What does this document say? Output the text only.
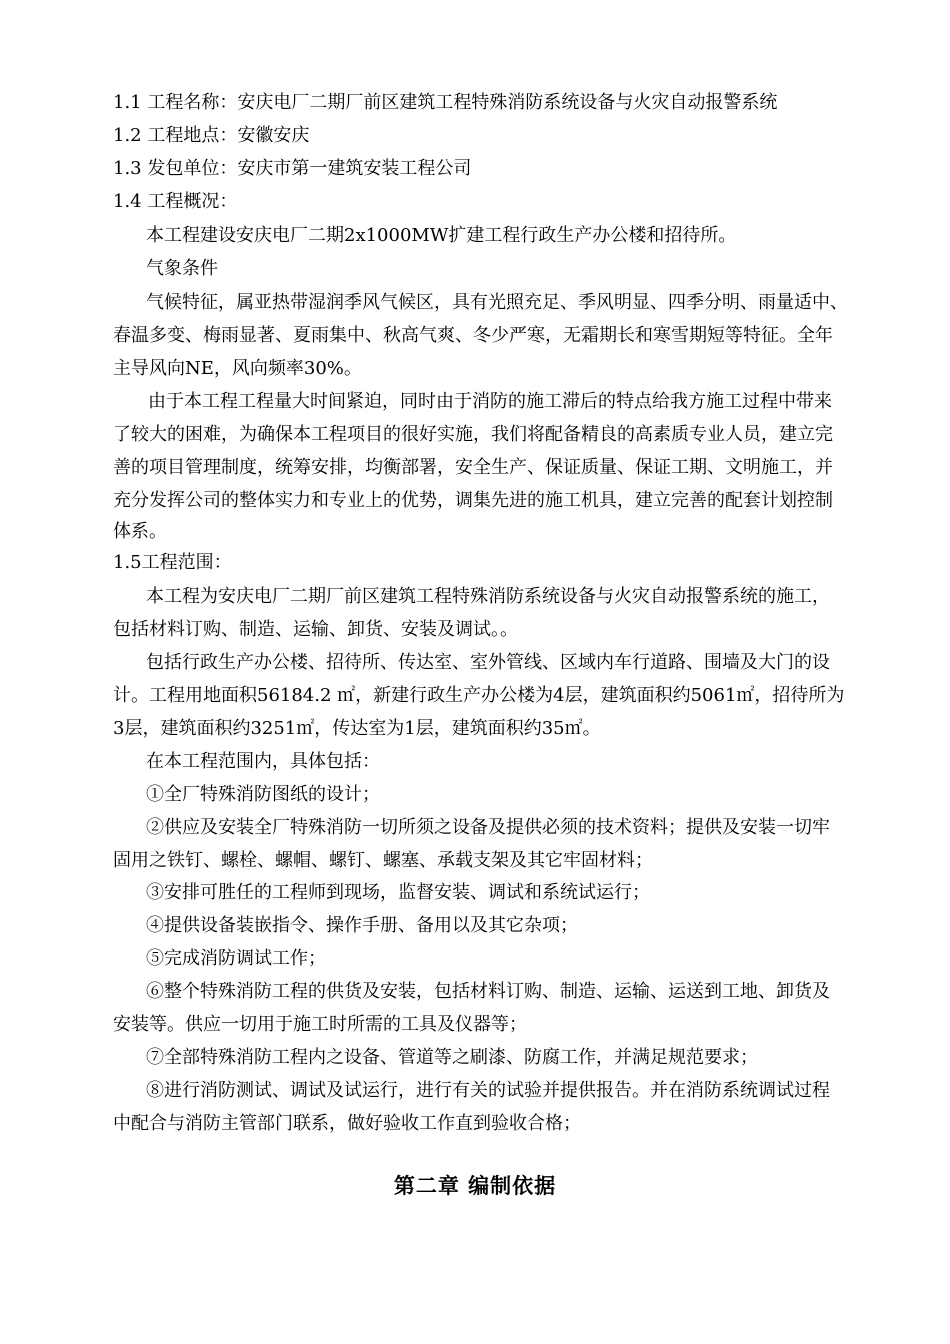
1.1 工程名称：安庆电厂二期厂前区建筑工程特殊消防系统设备与火灾自动报警系统
1.2 工程地点：安徽安庆
1.3 发包单位：安庆市第一建筑安装工程公司
1.4 工程概况：
本工程建设安庆电厂二期2x1000MW扩建工程行政生产办公楼和招待所。
气象条件
气候特征，属亚热带湿润季风气候区，具有光照充足、季风明显、四季分明、雨量适中、
春温多变、梅雨显著、夏雨集中、秋高气爽、冬少严寒，无霜期长和寒雪期短等特征。全年
主导风向NE，风向频率30%。
由于本工程工程量大时间紧迫，同时由于消防的施工滞后的特点给我方施工过程中带来
了较大的困难，为确保本工程项目的很好实施，我们将配备精良的高素质专业人员，建立完
善的项目管理制度，统筹安排，均衡部署，安全生产、保证质量、保证工期、文明施工，并
充分发挥公司的整体实力和专业上的优势，调集先进的施工机具，建立完善的配套计划控制
体系。
1.5工程范围：
本工程为安庆电厂二期厂前区建筑工程特殊消防系统设备与火灾自动报警系统的施工，
包括材料订购、制造、运输、卸货、安装及调试。。
包括行政生产办公楼、招待所、传达室、室外管线、区域内车行道路、围墙及大门的设
计。工程用地面积56184.2 ㎡，新建行政生产办公楼为4层，建筑面积约5061㎡，招待所为
3层，建筑面积约3251㎡，传达室为1层，建筑面积约35㎡。
在本工程范围内，具体包括：
①全厂特殊消防图纸的设计；
②供应及安装全厂特殊消防一切所须之设备及提供必须的技术资料；提供及安装一切牢
固用之铁钉、螺栓、螺帽、螺钉、螺塞、承载支架及其它牢固材料；
③安排可胜任的工程师到现场，监督安装、调试和系统试运行；
④提供设备装嵌指令、操作手册、备用以及其它杂项；
⑤完成消防调试工作；
⑥整个特殊消防工程的供货及安装，包括材料订购、制造、运输、运送到工地、卸货及
安装等。供应一切用于施工时所需的工具及仪器等；
⑦全部特殊消防工程内之设备、管道等之刷漆、防腐工作，并满足规范要求；
⑧进行消防测试、调试及试运行，进行有关的试验并提供报告。并在消防系统调试过程
中配合与消防主管部门联系，做好验收工作直到验收合格；
第二章 编制依据
